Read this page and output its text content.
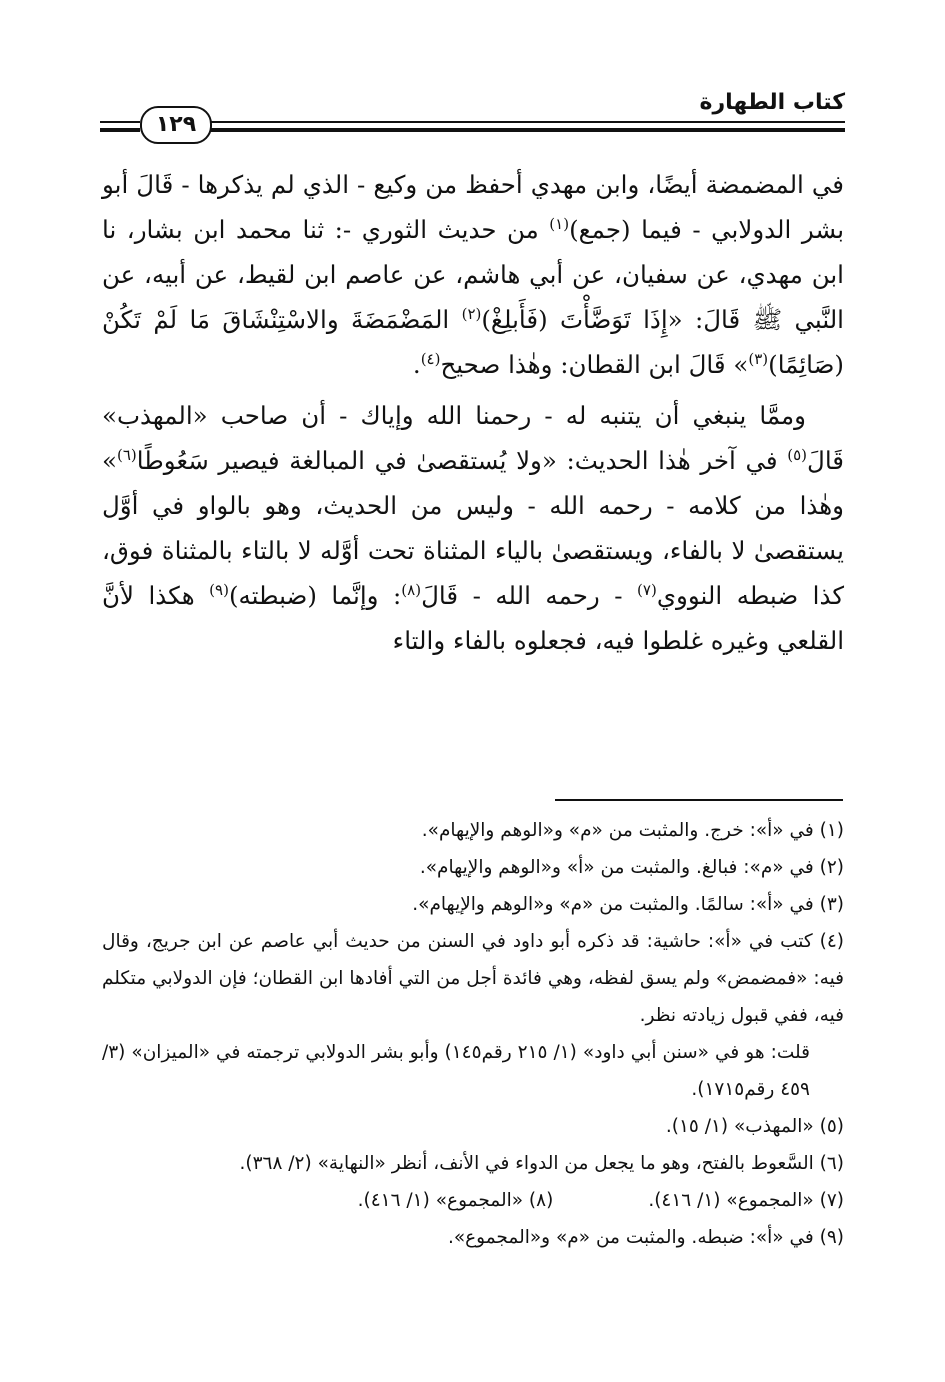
كتاب الطهارة
١٢٩

في المضمضة أيضًا، وابن مهدي أحفظ من وكيع - الذي لم يذكرها - قَالَ أبو بشر الدولابي - فيما (جمع)$^{(١)}$ من حديث الثوري -: ثنا محمد ابن بشار، نا ابن مهدي، عن سفيان، عن أبي هاشم، عن عاصم ابن لقيط، عن أبيه، عن النَّبي ﷺ قَالَ: «إِذَا تَوَضَّأْتَ (فَأَبلِغْ)$^{(٢)}$ المَضْمَضَةَ والاسْتِنْشَاقَ مَا لَمْ تَكُنْ (صَائِمًا)$^{(٣)}$» قَالَ ابن القطان: وهٰذا صحيح$^{(٤)}$.

وممَّا ينبغي أن يتنبه له - رحمنا الله وإياك - أن صاحب «المهذب» قَالَ$^{(٥)}$ في آخر هٰذا الحديث: «ولا يُستقصىٰ في المبالغة فيصير سَعُوطًا$^{(٦)}$» وهٰذا من كلامه - رحمه الله - وليس من الحديث، وهو بالواو في أوَّل يستقصىٰ لا بالفاء، ويستقصىٰ بالياء المثناة تحت أوَّله لا بالتاء بالمثناة فوق، كذا ضبطه النووي$^{(٧)}$ - رحمه الله - قَالَ$^{(٨)}$: وإنَّما (ضبطته)$^{(٩)}$ هكذا لأنَّ القلعي وغيره غلطوا فيه، فجعلوه بالفاء والتاء

(١) في «أ»: خرج. والمثبت من «م» و«الوهم والإيهام».

(٢) في «م»: فبالغ. والمثبت من «أ» و«الوهم والإيهام».

(٣) في «أ»: سالمًا. والمثبت من «م» و«الوهم والإيهام».

(٤) كتب في «أ»: حاشية: قد ذكره أبو داود في السنن من حديث أبي عاصم عن ابن جريج، وقال فيه: «فمضمض» ولم يسق لفظه، وهي فائدة أجل من التي أفادها ابن القطان؛ فإن الدولابي متكلم فيه، ففي قبول زيادته نظر.

قلت: هو في «سنن أبي داود» (١/ ٢١٥ رقم١٤٥) وأبو بشر الدولابي ترجمته في «الميزان» (٣/ ٤٥٩ رقم١٧١٥).

(٥) «المهذب» (١/ ١٥).

(٦) السَّعوط بالفتح، وهو ما يجعل من الدواء في الأنف، أنظر «النهاية» (٢/ ٣٦٨).

(٧) «المجموع» (١/ ٤١٦).

(٨) «المجموع» (١/ ٤١٦).

(٩) في «أ»: ضبطه. والمثبت من «م» و«المجموع».
